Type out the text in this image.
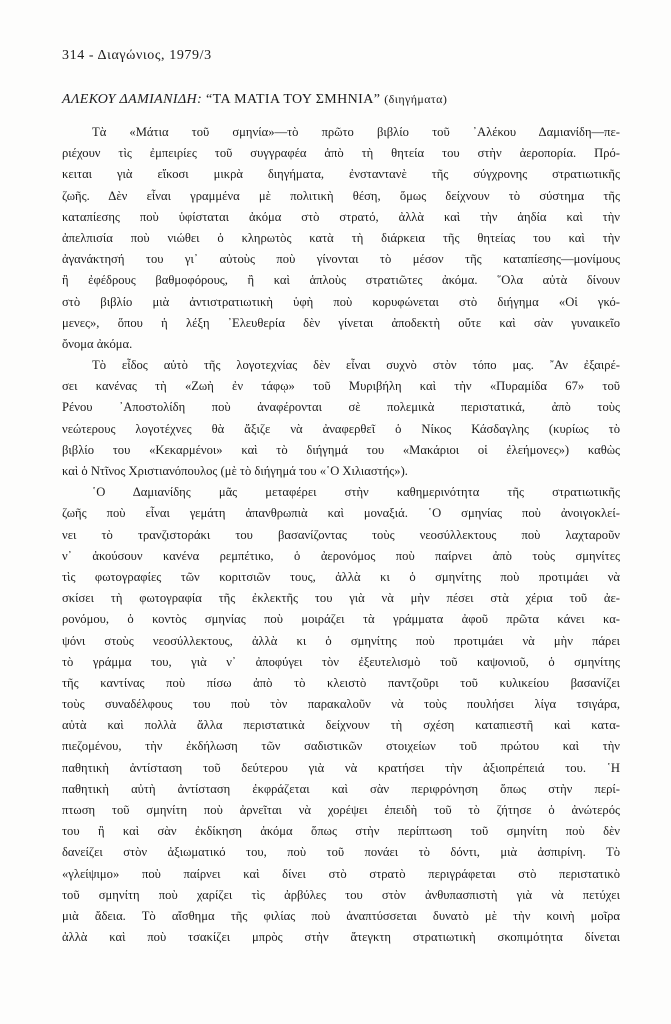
314 - Διαγώνιος, 1979/3
ΑΛΕΚΟΥ ΔΑΜΙΑΝΙΔΗ: “ΤΑ ΜΑΤΙΑ ΤΟΥ ΣΜΗΝΙΑ” (διηγήματα)
Τὰ «Μάτια τοῦ σμηνία»—τὸ πρῶτο βιβλίο τοῦ ᾿Αλέκου Δαμιανίδη—πε-
ριέχουν τὶς ἐμπειρίες τοῦ συγγραφέα ἀπὸ τὴ θητεία του στὴν ἀεροπορία. Πρό-
κειται γιὰ εἴκοσι μικρὰ διηγήματα, ἐνσταντανὲ τῆς σύγχρονης στρατιωτικῆς
ζωῆς. Δὲν εἶναι γραμμένα μὲ πολιτικὴ θέση, ὅμως δείχνουν τὸ σύστημα τῆς
καταπίεσης ποὺ ὑφίσταται ἀκόμα στὸ στρατό, ἀλλὰ καὶ τὴν ἀηδία καὶ τὴν
ἀπελπισία ποὺ νιώθει ὁ κληρωτὸς κατὰ τὴ διάρκεια τῆς θητείας του καὶ τὴν
ἀγανάκτησή του γι᾿ αὐτοὺς ποὺ γίνονται τὸ μέσον τῆς καταπίεσης—μονίμους
ἢ ἐφέδρους βαθμοφόρους, ἢ καὶ ἁπλοὺς στρατιῶτες ἀκόμα. ῞Ολα αὐτὰ δίνουν
στὸ βιβλίο μιὰ ἀντιστρατιωτικὴ ὑφὴ ποὺ κορυφώνεται στὸ διήγημα «Οἱ γκό-
μενες», ὅπου ἡ λέξη ᾿Ελευθερία δὲν γίνεται ἀποδεκτὴ οὔτε καὶ σὰν γυναικεῖο
ὄνομα ἀκόμα.
Τὸ εἶδος αὐτὸ τῆς λογοτεχνίας δὲν εἶναι συχνὸ στὸν τόπο μας. ῎Αν ἐξαιρέ-
σει κανένας τὴ «Ζωὴ ἐν τάφῳ» τοῦ Μυριβήλη καὶ τὴν «Πυραμίδα 67» τοῦ
Ρένου ᾿Αποστολίδη ποὺ ἀναφέρονται σὲ πολεμικὰ περιστατικά, ἀπὸ τοὺς
νεώτερους λογοτέχνες θὰ ἄξιζε νὰ ἀναφερθεῖ ὁ Νίκος Κάσδαγλης (κυρίως τὸ
βιβλίο του «Κεκαρμένοι» καὶ τὸ διήγημά του «Μακάριοι οἱ ἐλεήμονες») καθὼς
καὶ ὁ Ντῖνος Χριστιανόπουλος (μὲ τὸ διήγημά του «῾Ο Χιλιαστής»).
῾Ο Δαμιανίδης μᾶς μεταφέρει στὴν καθημερινότητα τῆς στρατιωτικῆς
ζωῆς ποὺ εἶναι γεμάτη ἀπανθρωπιὰ καὶ μοναξιά. ῾Ο σμηνίας ποὺ ἀνοιγοκλεί-
νει τὸ τρανζιστοράκι του βασανίζοντας τοὺς νεοσύλλεκτους ποὺ λαχταροῦν
ν᾿ ἀκούσουν κανένα ρεμπέτικο, ὁ ἀερονόμος ποὺ παίρνει ἀπὸ τοὺς σμηνίτες
τὶς φωτογραφίες τῶν κοριτσιῶν τους, ἀλλὰ κι ὁ σμηνίτης ποὺ προτιμάει νὰ
σκίσει τὴ φωτογραφία τῆς ἐκλεκτῆς του γιὰ νὰ μὴν πέσει στὰ χέρια τοῦ ἀε-
ρονόμου, ὁ κοντὸς σμηνίας ποὺ μοιράζει τὰ γράμματα ἀφοῦ πρῶτα κάνει κα-
ψόνι στοὺς νεοσύλλεκτους, ἀλλὰ κι ὁ σμηνίτης ποὺ προτιμάει νὰ μὴν πάρει
τὸ γράμμα του, γιὰ ν᾿ ἀποφύγει τὸν ἐξευτελισμὸ τοῦ καψονιοῦ, ὁ σμηνίτης
τῆς καντίνας ποὺ πίσω ἀπὸ τὸ κλειστὸ παντζοῦρι τοῦ κυλικείου βασανίζει
τοὺς συναδέλφους του ποὺ τὸν παρακαλοῦν νὰ τοὺς πουλήσει λίγα τσιγάρα,
αὐτὰ καὶ πολλὰ ἄλλα περιστατικὰ δείχνουν τὴ σχέση καταπιεστῆ καὶ κατα-
πιεζομένου, τὴν ἐκδήλωση τῶν σαδιστικῶν στοιχείων τοῦ πρώτου καὶ τὴν
παθητικὴ ἀντίσταση τοῦ δεύτερου γιὰ νὰ κρατήσει τὴν ἀξιοπρέπειά του. ῾Η
παθητικὴ αὐτὴ ἀντίσταση ἐκφράζεται καὶ σὰν περιφρόνηση ὅπως στὴν περί-
πτωση τοῦ σμηνίτη ποὺ ἀρνεῖται νὰ χορέψει ἐπειδὴ τοῦ τὸ ζήτησε ὁ ἀνώτερός
του ἢ καὶ σὰν ἐκδίκηση ἀκόμα ὅπως στὴν περίπτωση τοῦ σμηνίτη ποὺ δὲν
δανείζει στὸν ἀξιωματικό του, ποὺ τοῦ πονάει τὸ δόντι, μιὰ ἀσπιρίνη. Τὸ
«γλείψιμο» ποὺ παίρνει καὶ δίνει στὸ στρατὸ περιγράφεται στὸ περιστατικὸ
τοῦ σμηνίτη ποὺ χαρίζει τὶς ἀρβύλες του στὸν ἀνθυπασπιστὴ γιὰ νὰ πετύχει
μιὰ ἄδεια. Τὸ αἴσθημα τῆς φιλίας ποὺ ἀναπτύσσεται δυνατὸ μὲ τὴν κοινὴ μοῖρα
ἀλλὰ καὶ ποὺ τσακίζει μπρὸς στὴν ἄτεγκτη στρατιωτικὴ σκοπιμότητα δίνεται
